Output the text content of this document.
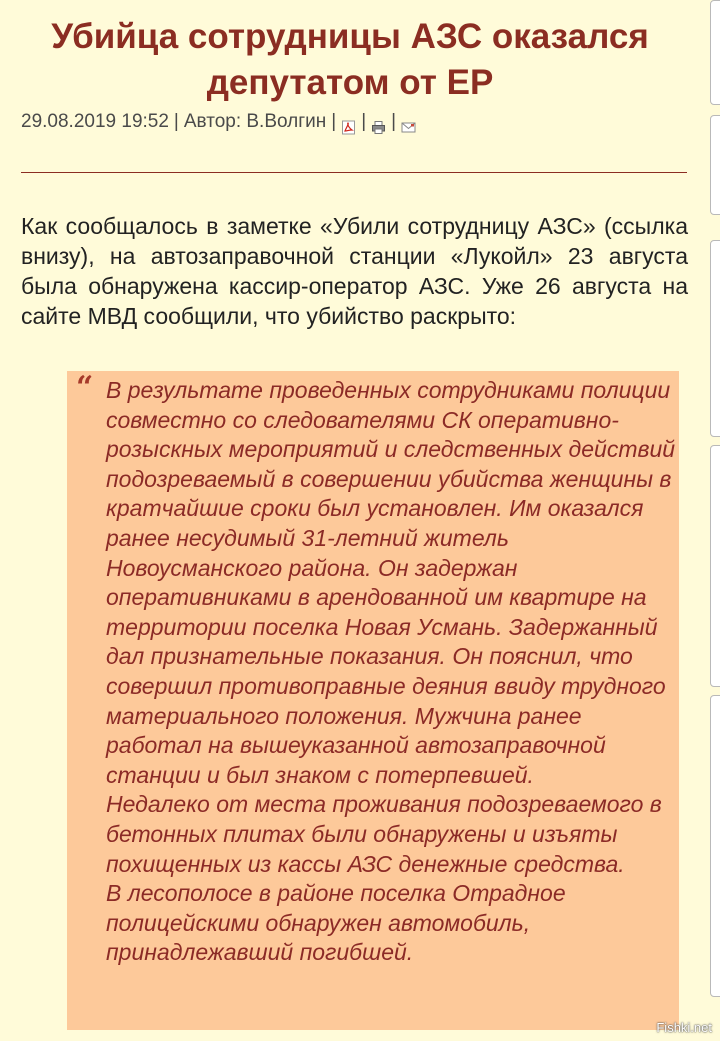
Убийца сотрудницы АЗС оказался депутатом от ЕР
29.08.2019 19:52 | Автор: В.Волгин | | |

Как сообщалось в заметке «Убили сотрудницу АЗС» (ссылка внизу), на автозаправочной станции «Лукойл» 23 августа была обнаружена кассир-оператор АЗС. Уже 26 августа на сайте МВД сообщили, что убийство раскрыто:

“ В результате проведенных сотрудниками полиции совместно со следователями СК оперативно-розыскных мероприятий и следственных действий подозреваемый в совершении убийства женщины в кратчайшие сроки был установлен. Им оказался ранее несудимый 31-летний житель Новоусманского района. Он задержан оперативниками в арендованной им квартире на территории поселка Новая Усмань. Задержанный дал признательные показания. Он пояснил, что совершил противоправные деяния ввиду трудного материального положения. Мужчина ранее работал на вышеуказанной автозаправочной станции и был знаком с потерпевшей.
Недалеко от места проживания подозреваемого в бетонных плитах были обнаружены и изъяты похищенных из кассы АЗС денежные средства.
В лесополосе в районе поселка Отрадное полицейскими обнаружен автомобиль, принадлежавший погибшей.

Fishki.net
